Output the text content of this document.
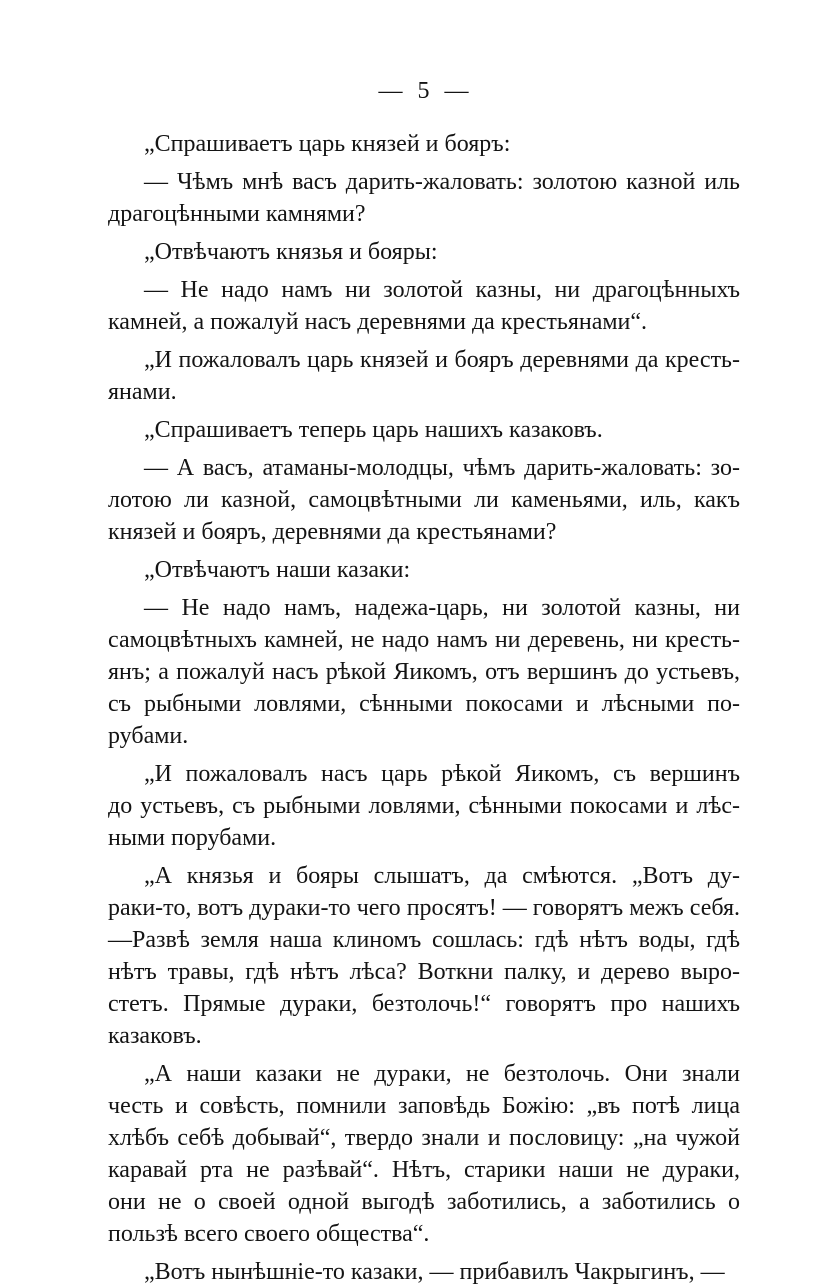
— 5 —
„Спрашиваетъ царь князей и бояръ:
— Чѣмъ мнѣ васъ дарить-жаловать: золотою казной иль
драгоцѣнными камнями?
„Отвѣчаютъ князья и бояры:
— Не надо намъ ни золотой казны, ни драгоцѣнныхъ
камней, а пожалуй насъ деревнями да крестьянами“.
„И пожаловалъ царь князей и бояръ деревнями да кресть-
янами.
„Спрашиваетъ теперь царь нашихъ казаковъ.
— А васъ, атаманы-молодцы, чѣмъ дарить-жаловать: зо-
лотою ли казной, самоцвѣтными ли каменьями, иль, какъ
князей и бояръ, деревнями да крестьянами?
„Отвѣчаютъ наши казаки:
— Не надо намъ, надежа-царь, ни золотой казны, ни
самоцвѣтныхъ камней, не надо намъ ни деревень, ни кресть-
янъ; а пожалуй насъ рѣкой Яикомъ, отъ вершинъ до устьевъ,
съ рыбными ловлями, сѣнными покосами и лѣсными по-
рубами.
„И пожаловалъ насъ царь рѣкой Яикомъ, съ вершинъ
до устьевъ, съ рыбными ловлями, сѣнными покосами и лѣс-
ными порубами.
„А князья и бояры слышатъ, да смѣются. „Вотъ ду-
раки-то, вотъ дураки-то чего просятъ! — говорятъ межъ себя.
—Развѣ земля наша клиномъ сошлась: гдѣ нѣтъ воды, гдѣ
нѣтъ травы, гдѣ нѣтъ лѣса? Воткни палку, и дерево выро-
стетъ. Прямые дураки, безтолочь!“ говорятъ про нашихъ
казаковъ.
„А наши казаки не дураки, не безтолочь. Они знали
честь и совѣсть, помнили заповѣдь Божію: „въ потѣ лица
хлѣбъ себѣ добывай“, твердо знали и пословицу: „на чужой
каравай рта не разѣвай“. Нѣтъ, старики наши не дураки,
они не о своей одной выгодѣ заботились, а заботились о
пользѣ всего своего общества“.
„Вотъ нынѣшніе-то казаки, — прибавилъ Чакрыгинъ, —
